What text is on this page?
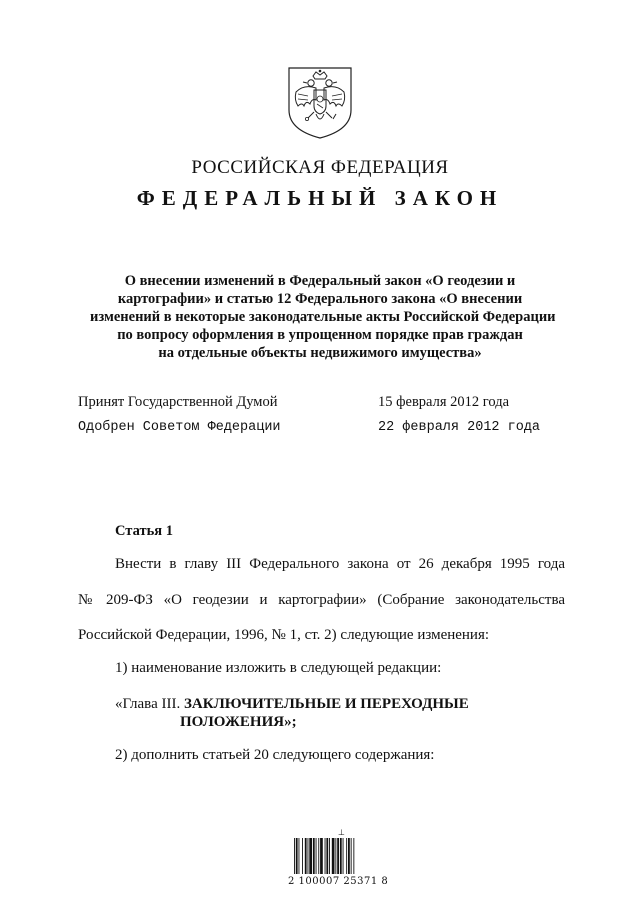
РОССИЙСКАЯ ФЕДЕРАЦИЯ
ФЕДЕРАЛЬНЫЙ ЗАКОН
О внесении изменений в Федеральный закон «О геодезии и
картографии» и статью 12 Федерального закона «О внесении
изменений в некоторые законодательные акты Российской Федерации
по вопросу оформления в упрощенном порядке прав граждан
на отдельные объекты недвижимого имущества»
Принят Государственной Думой	15 февраля 2012 года
Одобрен Советом Федерации	22 февраля 2012 года
Статья 1
Внести в главу III Федерального закона от 26 декабря 1995 года
№ 209-ФЗ «О геодезии и картографии» (Собрание законодательства
Российской Федерации, 1996, № 1, ст. 2) следующие изменения:
1) наименование изложить в следующей редакции:
«Глава III. ЗАКЛЮЧИТЕЛЬНЫЕ И ПЕРЕХОДНЫЕ
ПОЛОЖЕНИЯ»;
2) дополнить статьей 20 следующего содержания:
⊥
2 100007 25371 8
